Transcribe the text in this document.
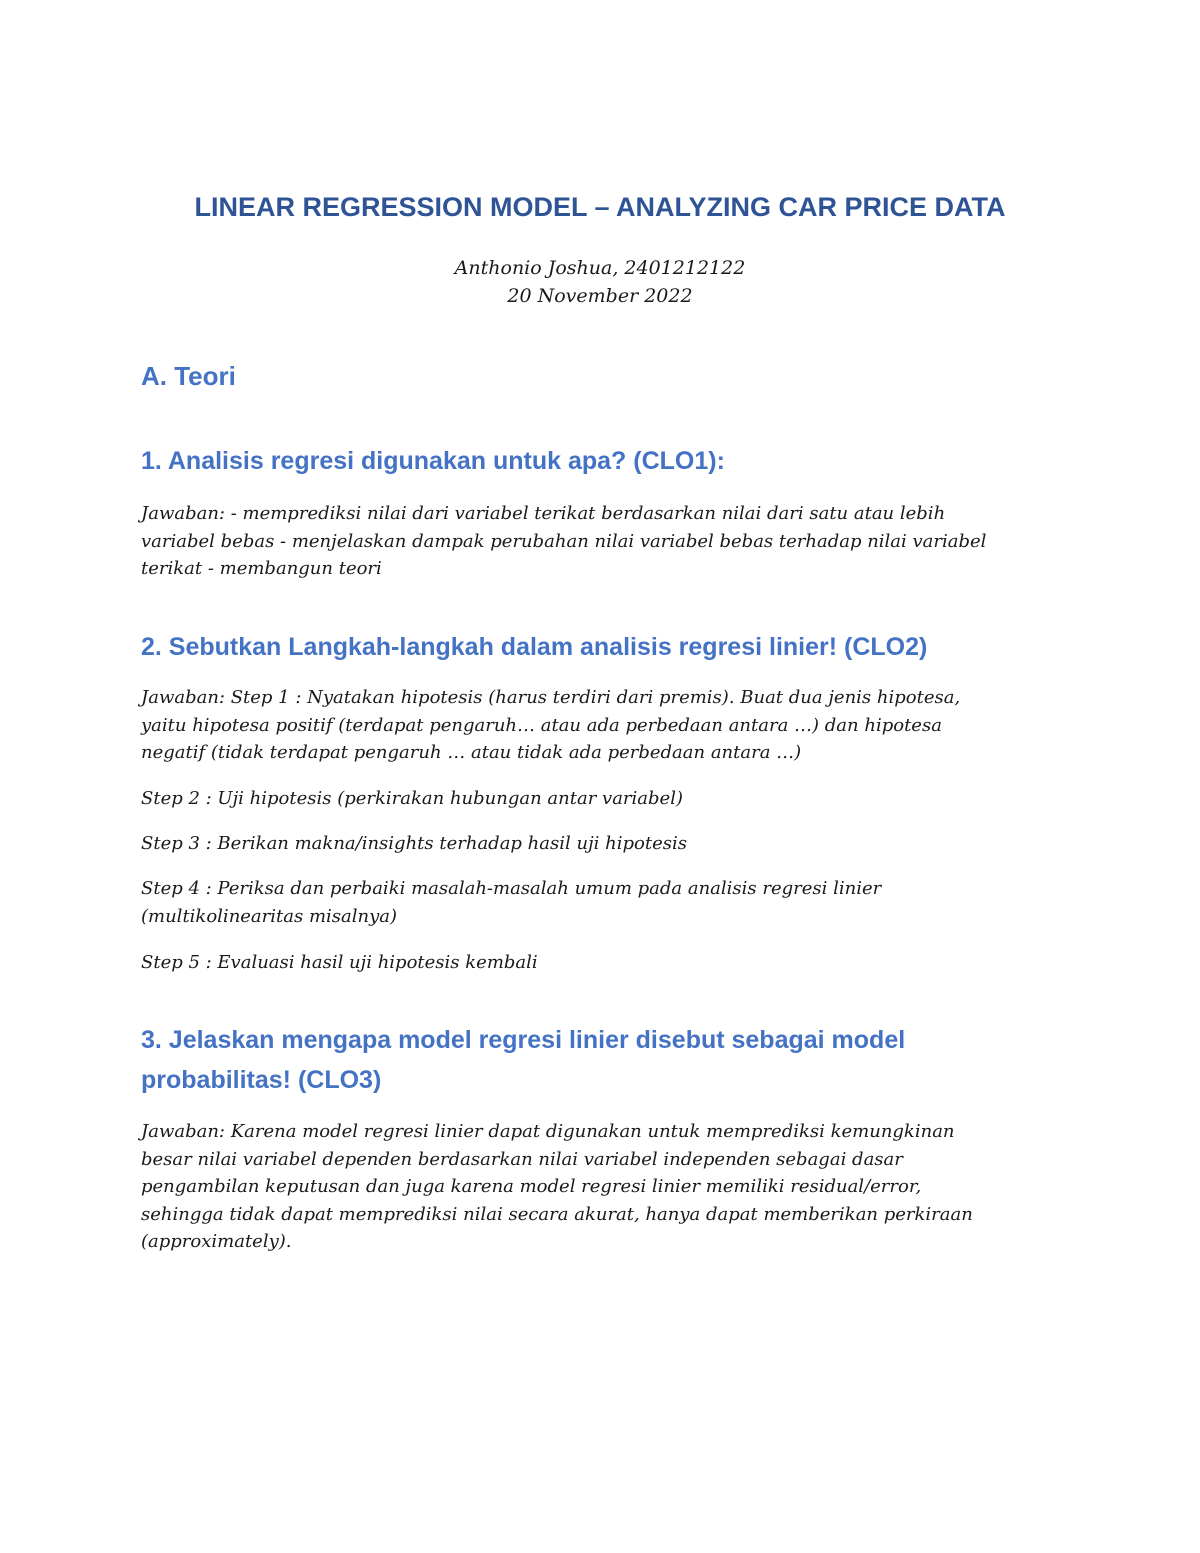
LINEAR REGRESSION MODEL – ANALYZING CAR PRICE DATA
Anthonio Joshua, 2401212122
20 November 2022
A. Teori
1. Analisis regresi digunakan untuk apa? (CLO1):
Jawaban: - memprediksi nilai dari variabel terikat berdasarkan nilai dari satu atau lebih
variabel bebas - menjelaskan dampak perubahan nilai variabel bebas terhadap nilai variabel
terikat - membangun teori
2. Sebutkan Langkah-langkah dalam analisis regresi linier! (CLO2)
Jawaban: Step 1 : Nyatakan hipotesis (harus terdiri dari premis). Buat dua jenis hipotesa,
yaitu hipotesa positif (terdapat pengaruh… atau ada perbedaan antara …) dan hipotesa
negatif (tidak terdapat pengaruh … atau tidak ada perbedaan antara …)
Step 2 : Uji hipotesis (perkirakan hubungan antar variabel)
Step 3 : Berikan makna/insights terhadap hasil uji hipotesis
Step 4 : Periksa dan perbaiki masalah-masalah umum pada analisis regresi linier
(multikolinearitas misalnya)
Step 5 : Evaluasi hasil uji hipotesis kembali
3. Jelaskan mengapa model regresi linier disebut sebagai model
probabilitas! (CLO3)
Jawaban: Karena model regresi linier dapat digunakan untuk memprediksi kemungkinan
besar nilai variabel dependen berdasarkan nilai variabel independen sebagai dasar
pengambilan keputusan dan juga karena model regresi linier memiliki residual/error,
sehingga tidak dapat memprediksi nilai secara akurat, hanya dapat memberikan perkiraan
(approximately).
